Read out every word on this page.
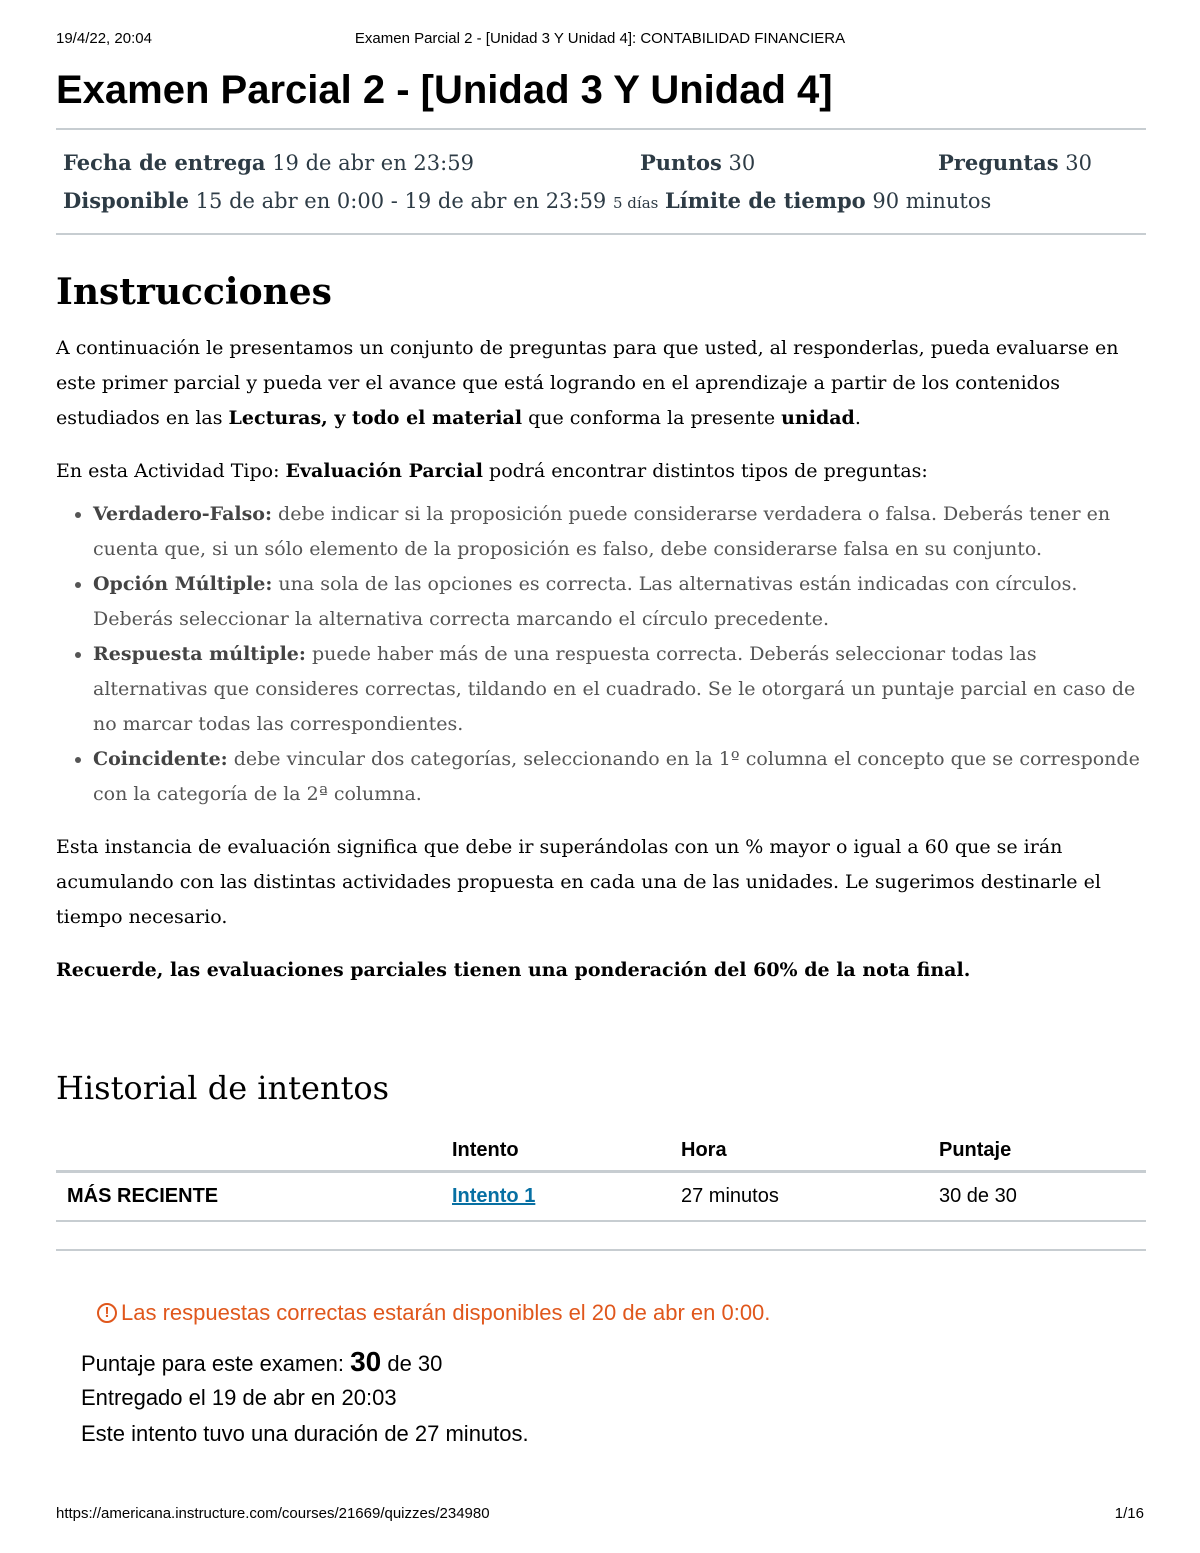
19/4/22, 20:04	Examen Parcial 2 - [Unidad 3 Y Unidad 4]: CONTABILIDAD FINANCIERA
Examen Parcial 2 - [Unidad 3 Y Unidad 4]
Fecha de entrega 19 de abr en 23:59	Puntos 30	Preguntas 30
Disponible 15 de abr en 0:00 - 19 de abr en 23:59 5 días Límite de tiempo 90 minutos
Instrucciones

A continuación le presentamos un conjunto de preguntas para que usted, al responderlas, pueda evaluarse en este primer parcial y pueda ver el avance que está logrando en el aprendizaje a partir de los contenidos estudiados en las Lecturas, y todo el material que conforma la presente unidad.

En esta Actividad Tipo: Evaluación Parcial podrá encontrar distintos tipos de preguntas:

• Verdadero-Falso: debe indicar si la proposición puede considerarse verdadera o falsa. Deberás tener en cuenta que, si un sólo elemento de la proposición es falso, debe considerarse falsa en su conjunto.
• Opción Múltiple: una sola de las opciones es correcta. Las alternativas están indicadas con círculos. Deberás seleccionar la alternativa correcta marcando el círculo precedente.
• Respuesta múltiple: puede haber más de una respuesta correcta. Deberás seleccionar todas las alternativas que consideres correctas, tildando en el cuadrado. Se le otorgará un puntaje parcial en caso de no marcar todas las correspondientes.
• Coincidente: debe vincular dos categorías, seleccionando en la 1º columna el concepto que se corresponde con la categoría de la 2ª columna.

Esta instancia de evaluación significa que debe ir superándolas con un % mayor o igual a 60 que se irán acumulando con las distintas actividades propuesta en cada una de las unidades. Le sugerimos destinarle el tiempo necesario.

Recuerde, las evaluaciones parciales tienen una ponderación del 60% de la nota final.

Historial de intentos
	Intento	Hora	Puntaje
MÁS RECIENTE	Intento 1	27 minutos	30 de 30
! Las respuestas correctas estarán disponibles el 20 de abr en 0:00.
Puntaje para este examen: 30 de 30
Entregado el 19 de abr en 20:03
Este intento tuvo una duración de 27 minutos.
https://americana.instructure.com/courses/21669/quizzes/234980	1/16
